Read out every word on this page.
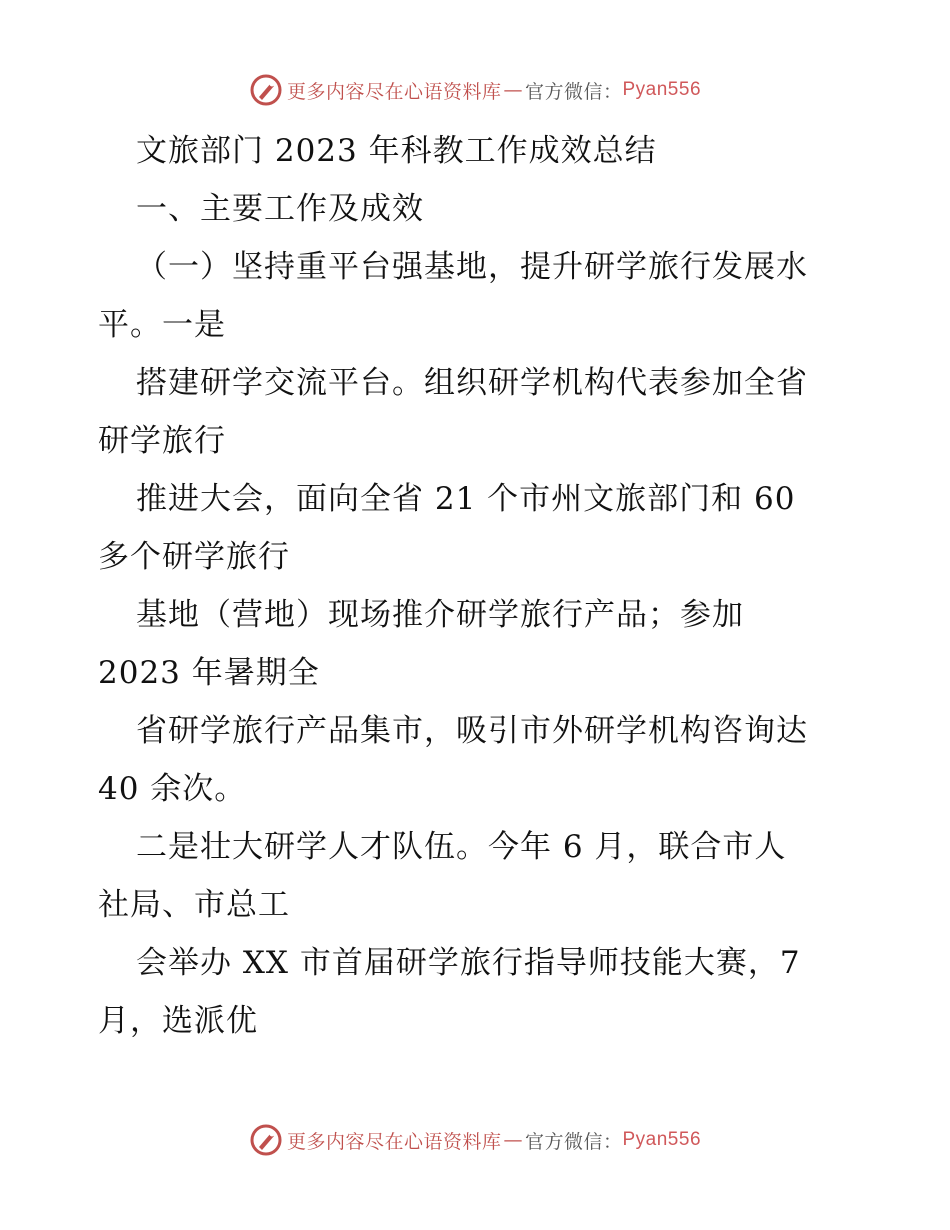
更多内容尽在心语资料库 — 官方微信： Pyan556
文旅部门 2023 年科教工作成效总结
一、主要工作及成效
（一）坚持重平台强基地，提升研学旅行发展水
平。一是
搭建研学交流平台。组织研学机构代表参加全省
研学旅行
推进大会，面向全省 21 个市州文旅部门和 60
多个研学旅行
基地（营地）现场推介研学旅行产品；参加
2023 年暑期全
省研学旅行产品集市，吸引市外研学机构咨询达
40 余次。
二是壮大研学人才队伍。今年 6 月，联合市人
社局、市总工
会举办 XX 市首届研学旅行指导师技能大赛，7
月，选派优
更多内容尽在心语资料库 — 官方微信： Pyan556
